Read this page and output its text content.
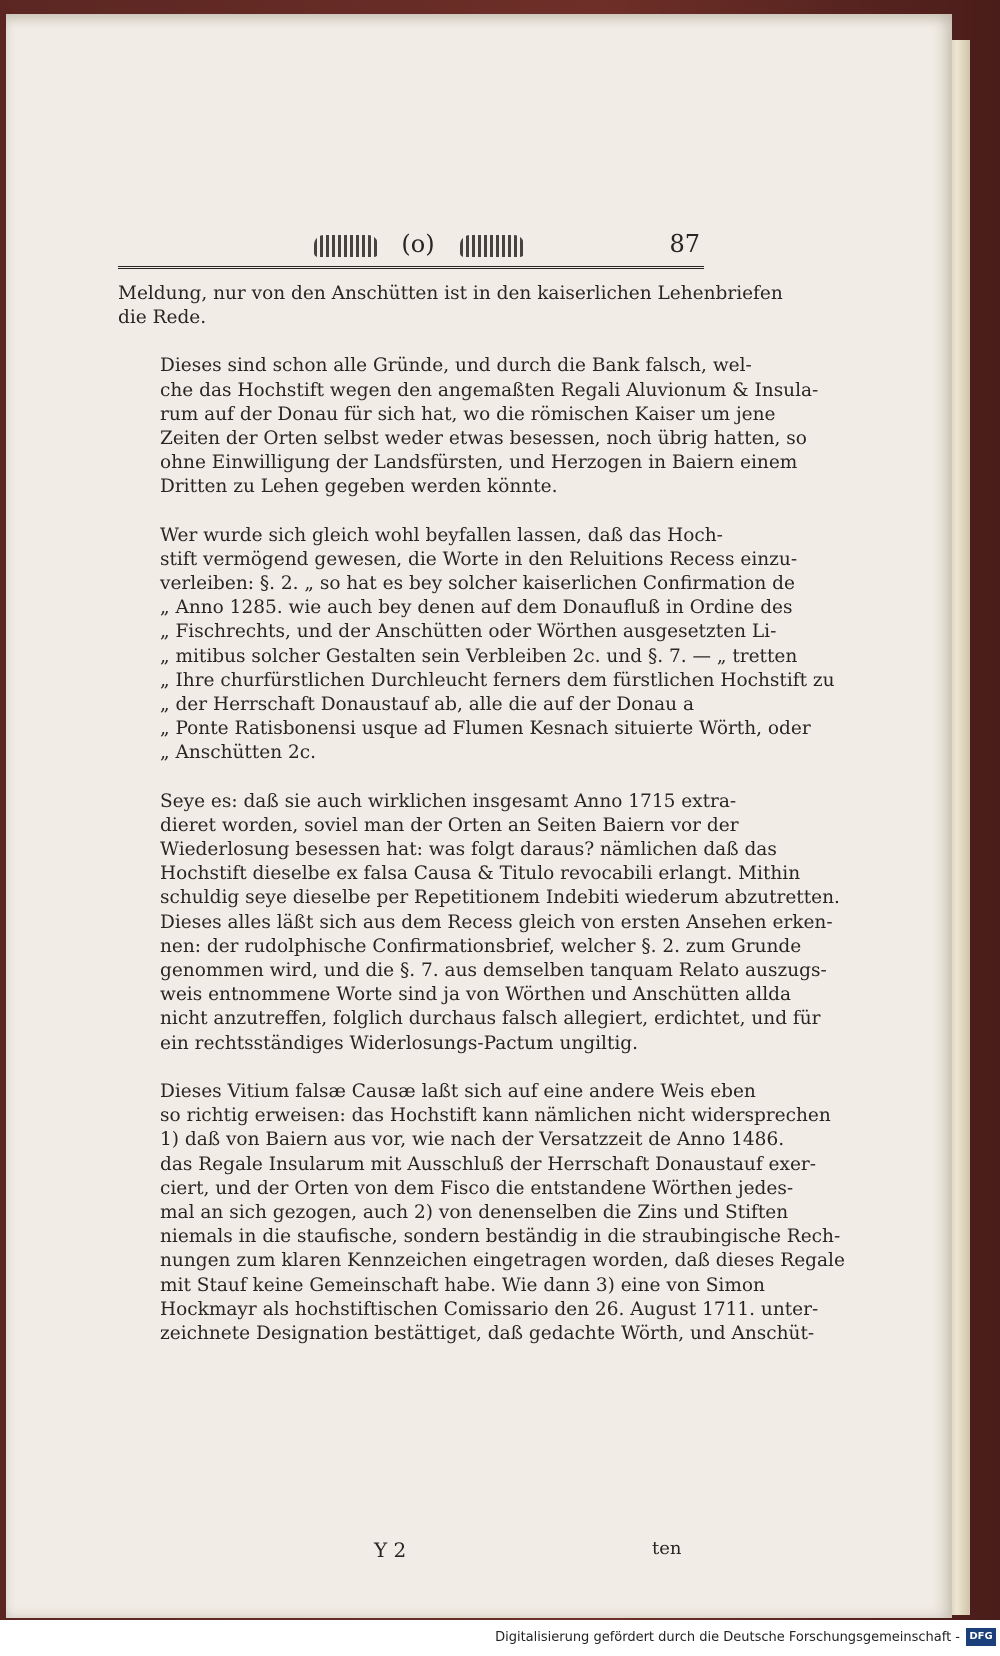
(o)	87

Meldung, nur von den Anschütten ist in den kaiserlichen Lehenbriefen
die Rede.

Dieses sind schon alle Gründe, und durch die Bank falsch, wel-
che das Hochstift wegen den angemaßten Regali Aluvionum & Insula-
rum auf der Donau für sich hat, wo die römischen Kaiser um jene
Zeiten der Orten selbst weder etwas besessen, noch übrig hatten, so
ohne Einwilligung der Landsfürsten, und Herzogen in Baiern einem
Dritten zu Lehen gegeben werden könnte.

Wer wurde sich gleich wohl beyfallen lassen, daß das Hoch-
stift vermögend gewesen, die Worte in den Reluitions Recess einzu-
verleiben: §. 2. „ so hat es bey solcher kaiserlichen Confirmation de
„ Anno 1285. wie auch bey denen auf dem Donaufluß in Ordine des
„ Fischrechts, und der Anschütten oder Wörthen ausgesetzten Li-
„ mitibus solcher Gestalten sein Verbleiben 2c. und §. 7. — „ tretten
„ Ihre churfürstlichen Durchleucht ferners dem fürstlichen Hochstift zu
„ der Herrschaft Donaustauf ab, alle die auf der Donau a
„ Ponte Ratisbonensi usque ad Flumen Kesnach situierte Wörth, oder
„ Anschütten 2c.

Seye es: daß sie auch wirklichen insgesamt Anno 1715 extra-
dieret worden, soviel man der Orten an Seiten Baiern vor der
Wiederlosung besessen hat: was folgt daraus? nämlichen daß das
Hochstift dieselbe ex falsa Causa & Titulo revocabili erlangt. Mithin
schuldig seye dieselbe per Repetitionem Indebiti wiederum abzutretten.
Dieses alles läßt sich aus dem Recess gleich von ersten Ansehen erken-
nen: der rudolphische Confirmationsbrief, welcher §. 2. zum Grunde
genommen wird, und die §. 7. aus demselben tanquam Relato auszugs-
weis entnommene Worte sind ja von Wörthen und Anschütten allda
nicht anzutreffen, folglich durchaus falsch allegiert, erdichtet, und für
ein rechtsständiges Widerlosungs-Pactum ungiltig.

Dieses Vitium falsæ Causæ laßt sich auf eine andere Weis eben
so richtig erweisen: das Hochstift kann nämlichen nicht widersprechen
1) daß von Baiern aus vor, wie nach der Versatzzeit de Anno 1486.
das Regale Insularum mit Ausschluß der Herrschaft Donaustauf exer-
ciert, und der Orten von dem Fisco die entstandene Wörthen jedes-
mal an sich gezogen, auch 2) von denenselben die Zins und Stiften
niemals in die staufische, sondern beständig in die straubingische Rech-
nungen zum klaren Kennzeichen eingetragen worden, daß dieses Regale
mit Stauf keine Gemeinschaft habe. Wie dann 3) eine von Simon
Hockmayr als hochstiftischen Comissario den 26. August 1711. unter-
zeichnete Designation bestättiget, daß gedachte Wörth, und Anschüt-

Y 2	ten
Digitalisierung gefördert durch die Deutsche Forschungsgemeinschaft - DFG
